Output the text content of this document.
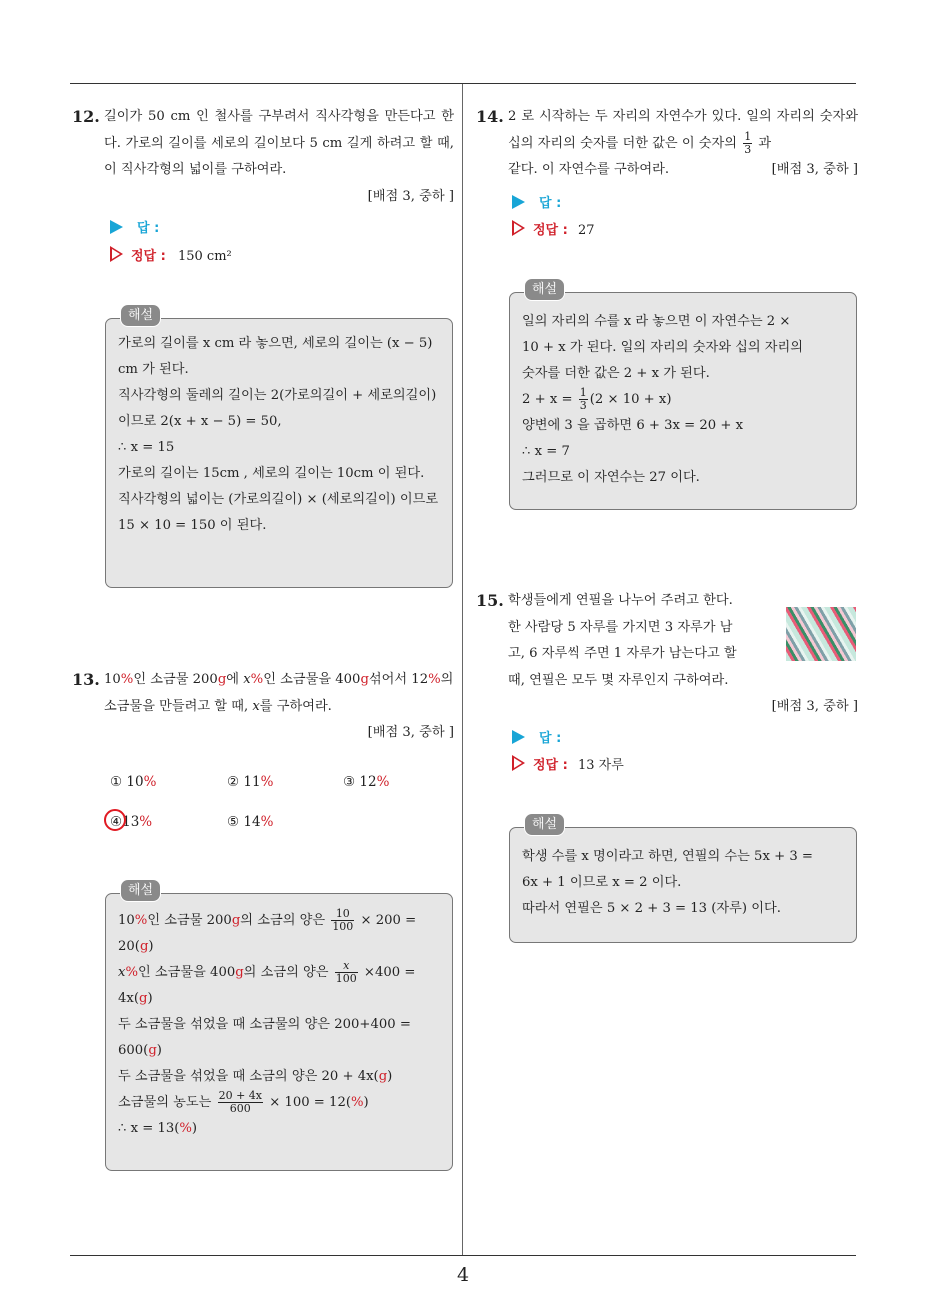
4
12. 길이가 50 cm 인 철사를 구부려서 직사각형을 만든다고 한다. 가로의 길이를 세로의 길이보다 5 cm 길게 하려고 할 때, 이 직사각형의 넓이를 구하여라.
[배점 3, 중하 ]
답 :
정답 : 150 cm²
해설

가로의 길이를 x cm 라 놓으면, 세로의 길이는 (x − 5) cm 가 된다.

직사각형의 둘레의 길이는 2(가로의길이 + 세로의길이) 이므로 2(x + x − 5) = 50,

∴ x = 15

가로의 길이는 15cm , 세로의 길이는 10cm 이 된다.

직사각형의 넓이는 (가로의길이) × (세로의길이) 이므로 15 × 10 = 150 이 된다.

13. 10%인 소금물 200g에 x%인 소금물을 400g섞어서 12%의 소금물을 만들려고 할 때, x를 구하여라.
[배점 3, 중하 ]
① 10%	② 11%	③ 12%
④13%	⑤ 14%
해설

10%인 소금물 200g의 소금의 양은 $\frac{10}{100} \times 200$ =

20(g)

x%인 소금물을 400g의 소금의 양은 $\frac{x}{100} \times 400$ =

4x(g)

두 소금물을 섞었을 때 소금물의 양은 200+400 =

600(g)

두 소금물을 섞었을 때 소금의 양은 20 + 4x(g)

소금물의 농도는 $\frac{20 + 4x}{600} \times 100 = 12(\%)$

∴ x = 13(%)

14. 2 로 시작하는 두 자리의 자연수가 있다. 일의 자리의 숫자와 십의 자리의 숫자를 더한 값은 이 숫자의 $\frac{1}{3}$ 과
같다. 이 자연수를 구하여라.	[배점 3, 중하 ]
답 :
정답 : 27
해설

일의 자리의 수를 x 라 놓으면 이 자연수는 2 ×

10 + x 가 된다. 일의 자리의 숫자와 십의 자리의

숫자를 더한 값은 2 + x 가 된다.

$2 + x = \frac{1}{3} (2 \times 10 + x)$

양변에 3 을 곱하면 6 + 3x = 20 + x

∴ x = 7

그러므로 이 자연수는 27 이다.

15. 학생들에게 연필을 나누어 주려고 한다.
한 사람당 5 자루를 가지면 3 자루가 남
고, 6 자루씩 주면 1 자루가 남는다고 할
때, 연필은 모두 몇 자루인지 구하여라.
[배점 3, 중하 ]
답 :
정답 : 13 자루
해설

학생 수를 x 명이라고 하면, 연필의 수는 5x + 3 =

6x + 1 이므로 x = 2 이다.

따라서 연필은 5 × 2 + 3 = 13 (자루) 이다.
